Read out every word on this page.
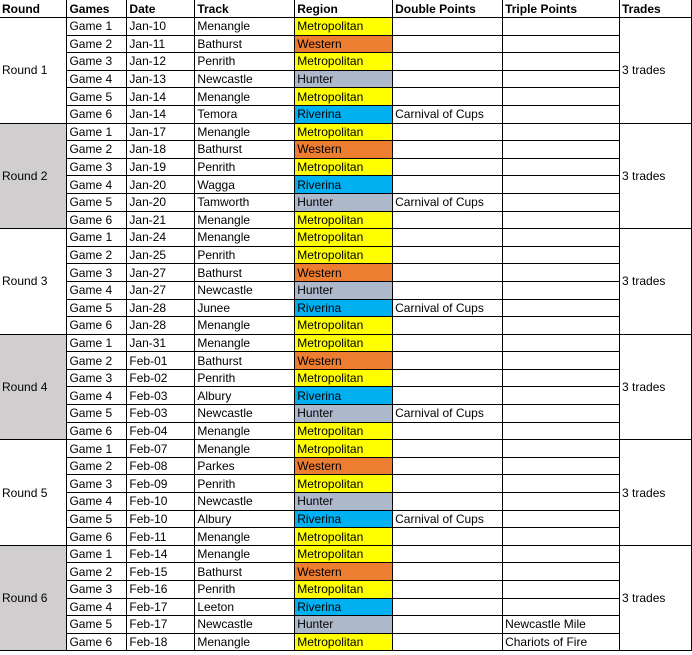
Round	Games	Date	Track	Region	Double Points	Triple Points	Trades
Round 1	Game 1	Jan-10	Menangle	Metropolitan			3 trades
	Game 2	Jan-11	Bathurst	Western			
	Game 3	Jan-12	Penrith	Metropolitan			
	Game 4	Jan-13	Newcastle	Hunter			
	Game 5	Jan-14	Menangle	Metropolitan			
	Game 6	Jan-14	Temora	Riverina	Carnival of Cups		
Round 2	Game 1	Jan-17	Menangle	Metropolitan			3 trades
	Game 2	Jan-18	Bathurst	Western			
	Game 3	Jan-19	Penrith	Metropolitan			
	Game 4	Jan-20	Wagga	Riverina			
	Game 5	Jan-20	Tamworth	Hunter	Carnival of Cups		
	Game 6	Jan-21	Menangle	Metropolitan			
Round 3	Game 1	Jan-24	Menangle	Metropolitan			3 trades
	Game 2	Jan-25	Penrith	Metropolitan			
	Game 3	Jan-27	Bathurst	Western			
	Game 4	Jan-27	Newcastle	Hunter			
	Game 5	Jan-28	Junee	Riverina	Carnival of Cups		
	Game 6	Jan-28	Menangle	Metropolitan			
Round 4	Game 1	Jan-31	Menangle	Metropolitan			3 trades
	Game 2	Feb-01	Bathurst	Western			
	Game 3	Feb-02	Penrith	Metropolitan			
	Game 4	Feb-03	Albury	Riverina			
	Game 5	Feb-03	Newcastle	Hunter	Carnival of Cups		
	Game 6	Feb-04	Menangle	Metropolitan			
Round 5	Game 1	Feb-07	Menangle	Metropolitan			3 trades
	Game 2	Feb-08	Parkes	Western			
	Game 3	Feb-09	Penrith	Metropolitan			
	Game 4	Feb-10	Newcastle	Hunter			
	Game 5	Feb-10	Albury	Riverina	Carnival of Cups		
	Game 6	Feb-11	Menangle	Metropolitan			
Round 6	Game 1	Feb-14	Menangle	Metropolitan			3 trades
	Game 2	Feb-15	Bathurst	Western			
	Game 3	Feb-16	Penrith	Metropolitan			
	Game 4	Feb-17	Leeton	Riverina			
	Game 5	Feb-17	Newcastle	Hunter		Newcastle Mile	
	Game 6	Feb-18	Menangle	Metropolitan		Chariots of Fire	
